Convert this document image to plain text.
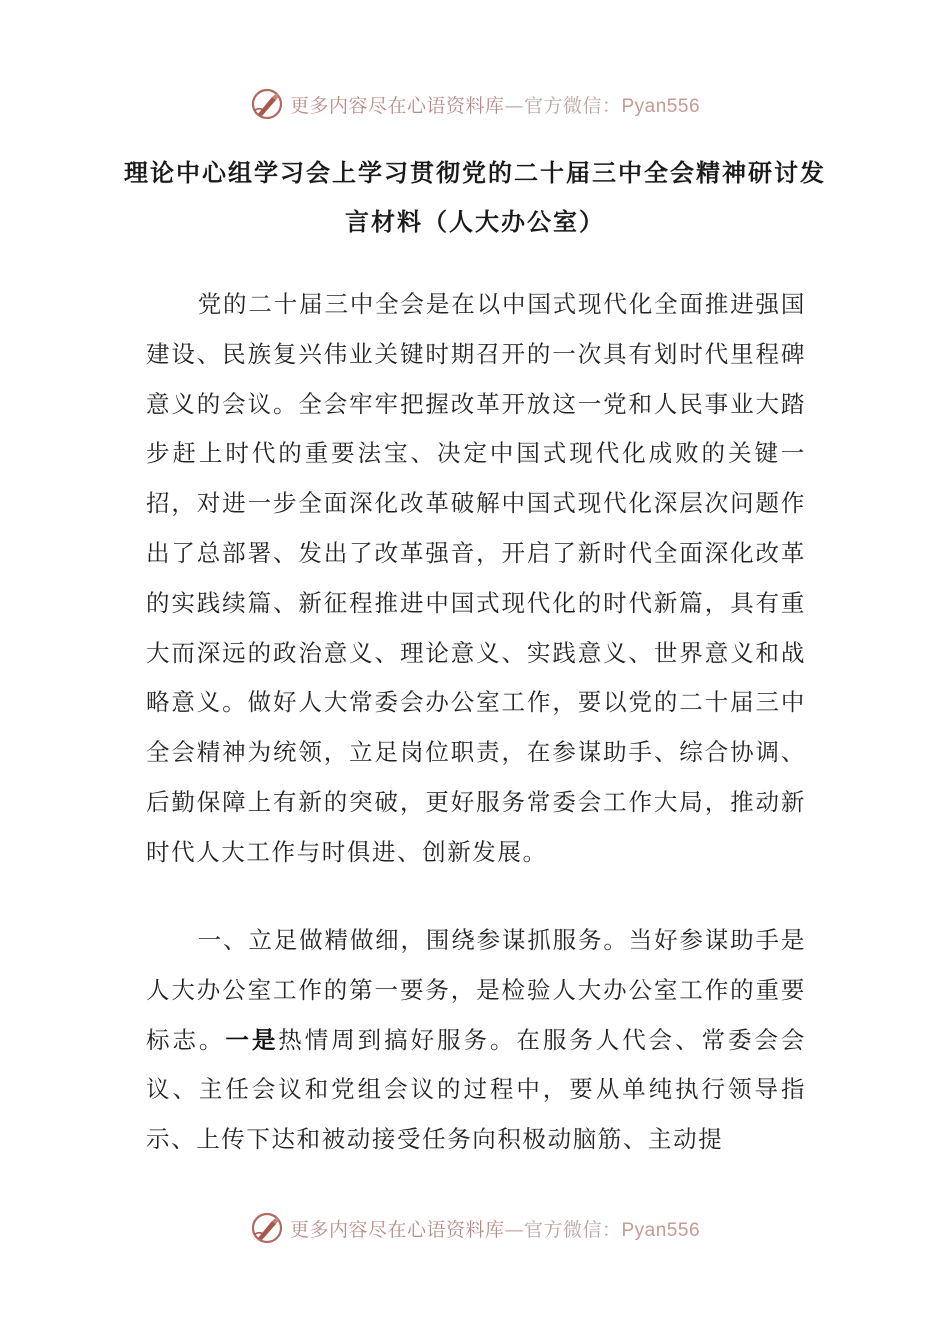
更多内容尽在心语资料库—官方微信：Pyan556
理论中心组学习会上学习贯彻党的二十届三中全会精神研讨发言材料（人大办公室）

党的二十届三中全会是在以中国式现代化全面推进强国建设、民族复兴伟业关键时期召开的一次具有划时代里程碑意义的会议。全会牢牢把握改革开放这一党和人民事业大踏步赶上时代的重要法宝、决定中国式现代化成败的关键一招，对进一步全面深化改革破解中国式现代化深层次问题作出了总部署、发出了改革强音，开启了新时代全面深化改革的实践续篇、新征程推进中国式现代化的时代新篇，具有重大而深远的政治意义、理论意义、实践意义、世界意义和战略意义。做好人大常委会办公室工作，要以党的二十届三中全会精神为统领，立足岗位职责，在参谋助手、综合协调、后勤保障上有新的突破，更好服务常委会工作大局，推动新时代人大工作与时俱进、创新发展。

一、立足做精做细，围绕参谋抓服务。当好参谋助手是人大办公室工作的第一要务，是检验人大办公室工作的重要标志。一是热情周到搞好服务。在服务人代会、常委会会议、主任会议和党组会议的过程中，要从单纯执行领导指示、上传下达和被动接受任务向积极动脑筋、主动提

更多内容尽在心语资料库—官方微信：Pyan556
